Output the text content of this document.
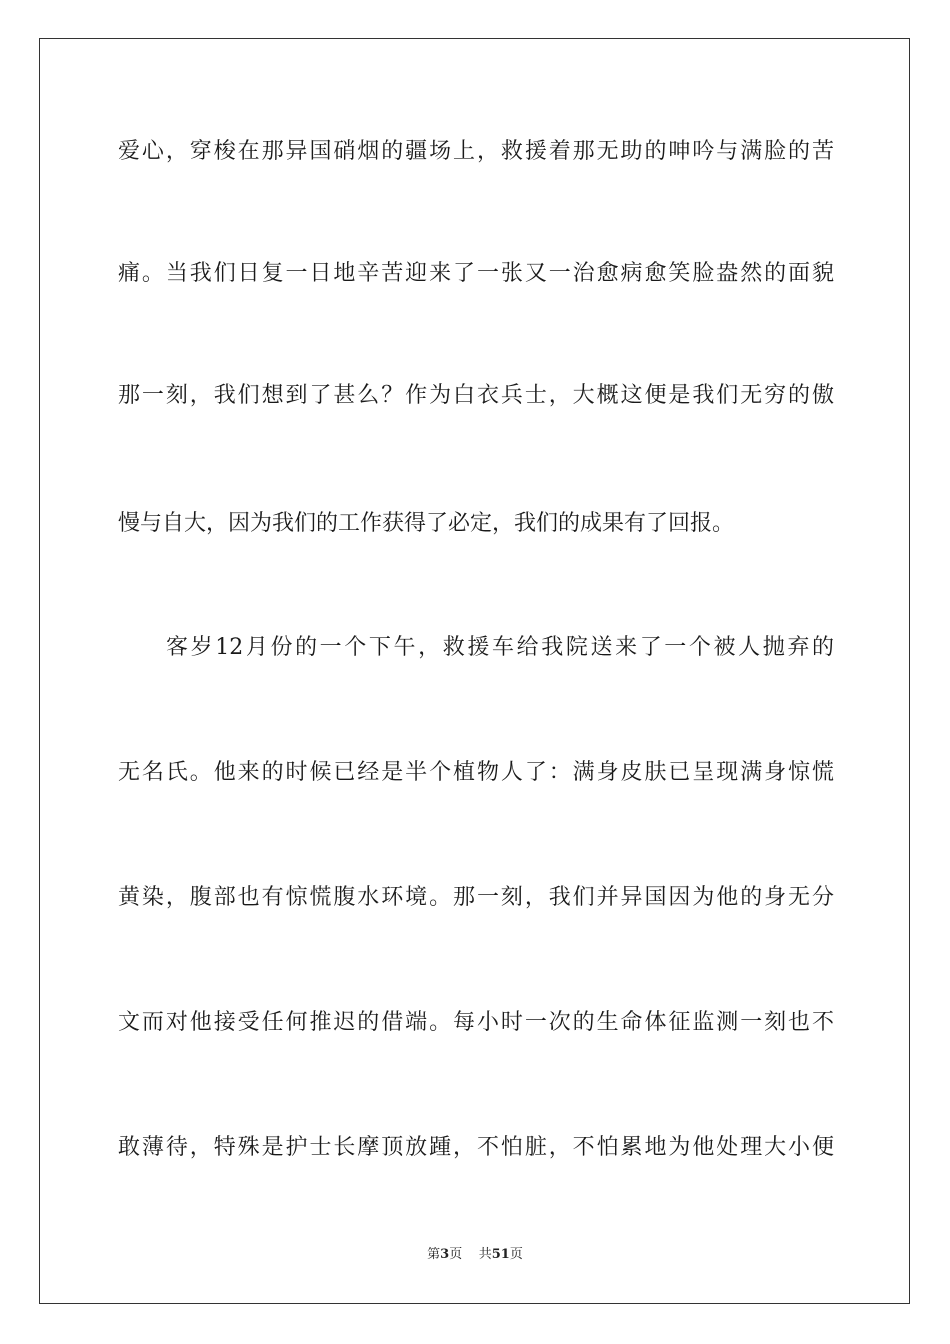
爱心，穿梭在那异国硝烟的疆场上，救援着那无助的呻吟与满脸的苦
痛。当我们日复一日地辛苦迎来了一张又一治愈病愈笑脸盎然的面貌
那一刻，我们想到了甚么？作为白衣兵士，大概这便是我们无穷的傲
慢与自大，因为我们的工作获得了必定，我们的成果有了回报。
客岁12月份的一个下午，救援车给我院送来了一个被人抛弃的
无名氏。他来的时候已经是半个植物人了：满身皮肤已呈现满身惊慌
黄染，腹部也有惊慌腹水环境。那一刻，我们并异国因为他的身无分
文而对他接受任何推迟的借端。每小时一次的生命体征监测一刻也不
敢薄待，特殊是护士长摩顶放踵，不怕脏，不怕累地为他处理大小便
第3页 共51页
